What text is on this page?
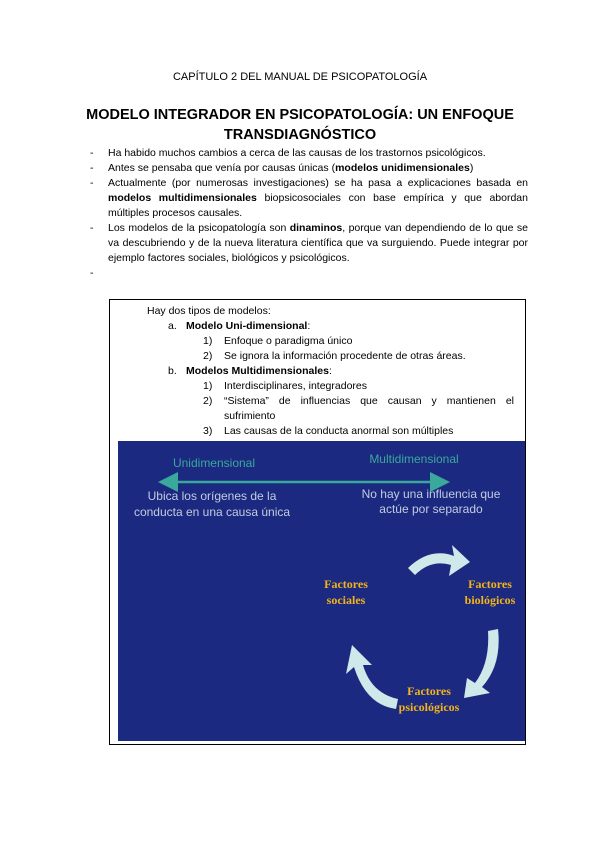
CAPÍTULO 2 DEL MANUAL DE PSICOPATOLOGÍA
MODELO INTEGRADOR EN PSICOPATOLOGÍA: UN ENFOQUE
TRANSDIAGNÓSTICO
- Ha habido muchos cambios a cerca de las causas de los trastornos psicológicos.
- Antes se pensaba que venía por causas únicas (modelos unidimensionales)
- Actualmente (por numerosas investigaciones) se ha pasa a explicaciones basada en modelos multidimensionales biopsicosociales con base empírica y que abordan múltiples procesos causales.
- Los modelos de la psicopatología son dinaminos, porque van dependiendo de lo que se va descubriendo y de la nueva literatura científica que va surguiendo. Puede integrar por ejemplo factores sociales, biológicos y psicológicos.
-

Hay dos tipos de modelos:
a. Modelo Uni-dimensional:
1) Enfoque o paradigma único
2) Se ignora la información procedente de otras áreas.
b. Modelos Multidimensionales:
1) Interdisciplinares, integradores
2) “Sistema” de influencias que causan y mantienen el sufrimiento
3) Las causas de la conducta anormal son múltiples
Unidimensional	Multidimensional
Ubica los orígenes de la
conducta en una causa única
No hay una influencia que
actúe por separado
Factores
sociales
Factores
biológicos
Factores
psicológicos
